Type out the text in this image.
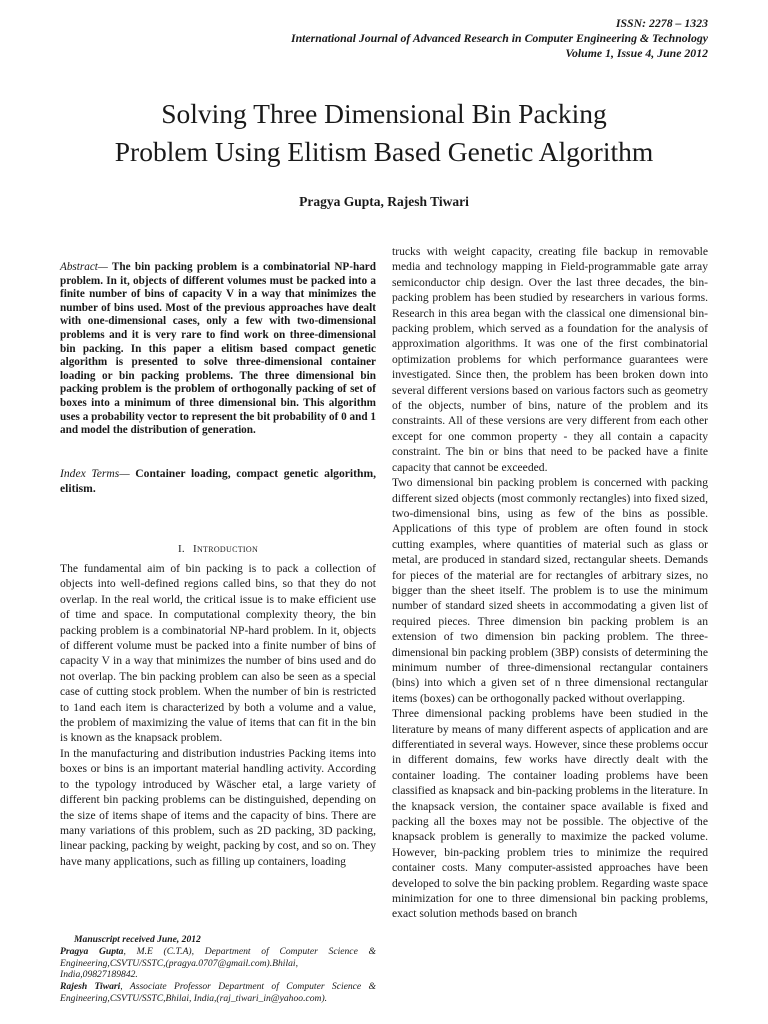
ISSN: 2278 – 1323
International Journal of Advanced Research in Computer Engineering & Technology
Volume 1, Issue 4, June 2012
Solving Three Dimensional Bin Packing
Problem Using Elitism Based Genetic Algorithm
Pragya Gupta, Rajesh Tiwari
Abstract— The bin packing problem is a combinatorial NP-hard problem. In it, objects of different volumes must be packed into a finite number of bins of capacity V in a way that minimizes the number of bins used. Most of the previous approaches have dealt with one-dimensional cases, only a few with two-dimensional problems and it is very rare to find work on three-dimensional bin packing. In this paper a elitism based compact genetic algorithm is presented to solve three-dimensional container loading or bin packing problems. The three dimensional bin packing problem is the problem of orthogonally packing of set of boxes into a minimum of three dimensional bin. This algorithm uses a probability vector to represent the bit probability of 0 and 1 and model the distribution of generation.
Index Terms— Container loading, compact genetic algorithm, elitism.
I. Introduction

The fundamental aim of bin packing is to pack a collection of objects into well-defined regions called bins, so that they do not overlap. In the real world, the critical issue is to make efficient use of time and space. In computational complexity theory, the bin packing problem is a combinatorial NP-hard problem. In it, objects of different volume must be packed into a finite number of bins of capacity V in a way that minimizes the number of bins used and do not overlap. The bin packing problem can also be seen as a special case of cutting stock problem. When the number of bin is restricted to 1and each item is characterized by both a volume and a value, the problem of maximizing the value of items that can fit in the bin is known as the knapsack problem.

In the manufacturing and distribution industries Packing items into boxes or bins is an important material handling activity. According to the typology introduced by Wäscher etal, a large variety of different bin packing problems can be distinguished, depending on the size of items shape of items and the capacity of bins. There are many variations of this problem, such as 2D packing, 3D packing, linear packing, packing by weight, packing by cost, and so on. They have many applications, such as filling up containers, loading

trucks with weight capacity, creating file backup in removable media and technology mapping in Field-programmable gate array semiconductor chip design. Over the last three decades, the bin-packing problem has been studied by researchers in various forms. Research in this area began with the classical one dimensional bin-packing problem, which served as a foundation for the analysis of approximation algorithms. It was one of the first combinatorial optimization problems for which performance guarantees were investigated. Since then, the problem has been broken down into several different versions based on various factors such as geometry of the objects, number of bins, nature of the problem and its constraints. All of these versions are very different from each other except for one common property - they all contain a capacity constraint. The bin or bins that need to be packed have a finite capacity that cannot be exceeded.

Two dimensional bin packing problem is concerned with packing different sized objects (most commonly rectangles) into fixed sized, two-dimensional bins, using as few of the bins as possible. Applications of this type of problem are often found in stock cutting examples, where quantities of material such as glass or metal, are produced in standard sized, rectangular sheets. Demands for pieces of the material are for rectangles of arbitrary sizes, no bigger than the sheet itself. The problem is to use the minimum number of standard sized sheets in accommodating a given list of required pieces. Three dimension bin packing problem is an extension of two dimension bin packing problem. The three-dimensional bin packing problem (3BP) consists of determining the minimum number of three-dimensional rectangular containers (bins) into which a given set of n three dimensional rectangular items (boxes) can be orthogonally packed without overlapping.

Three dimensional packing problems have been studied in the literature by means of many different aspects of application and are differentiated in several ways. However, since these problems occur in different domains, few works have directly dealt with the container loading. The container loading problems have been classified as knapsack and bin-packing problems in the literature. In the knapsack version, the container space available is fixed and packing all the boxes may not be possible. The objective of the knapsack problem is generally to maximize the packed volume. However, bin-packing problem tries to minimize the required container costs. Many computer-assisted approaches have been developed to solve the bin packing problem. Regarding waste space minimization for one to three dimensional bin packing problems, exact solution methods based on branch

Manuscript received June, 2012
Pragya Gupta, M.E (C.T.A), Department of Computer Science & Engineering,CSVTU/SSTC,(pragya.0707@gmail.com).Bhilai, India,09827189842.
Rajesh Tiwari, Associate Professor Department of Computer Science & Engineering,CSVTU/SSTC,Bhilai, India,(raj_tiwari_in@yahoo.com).
